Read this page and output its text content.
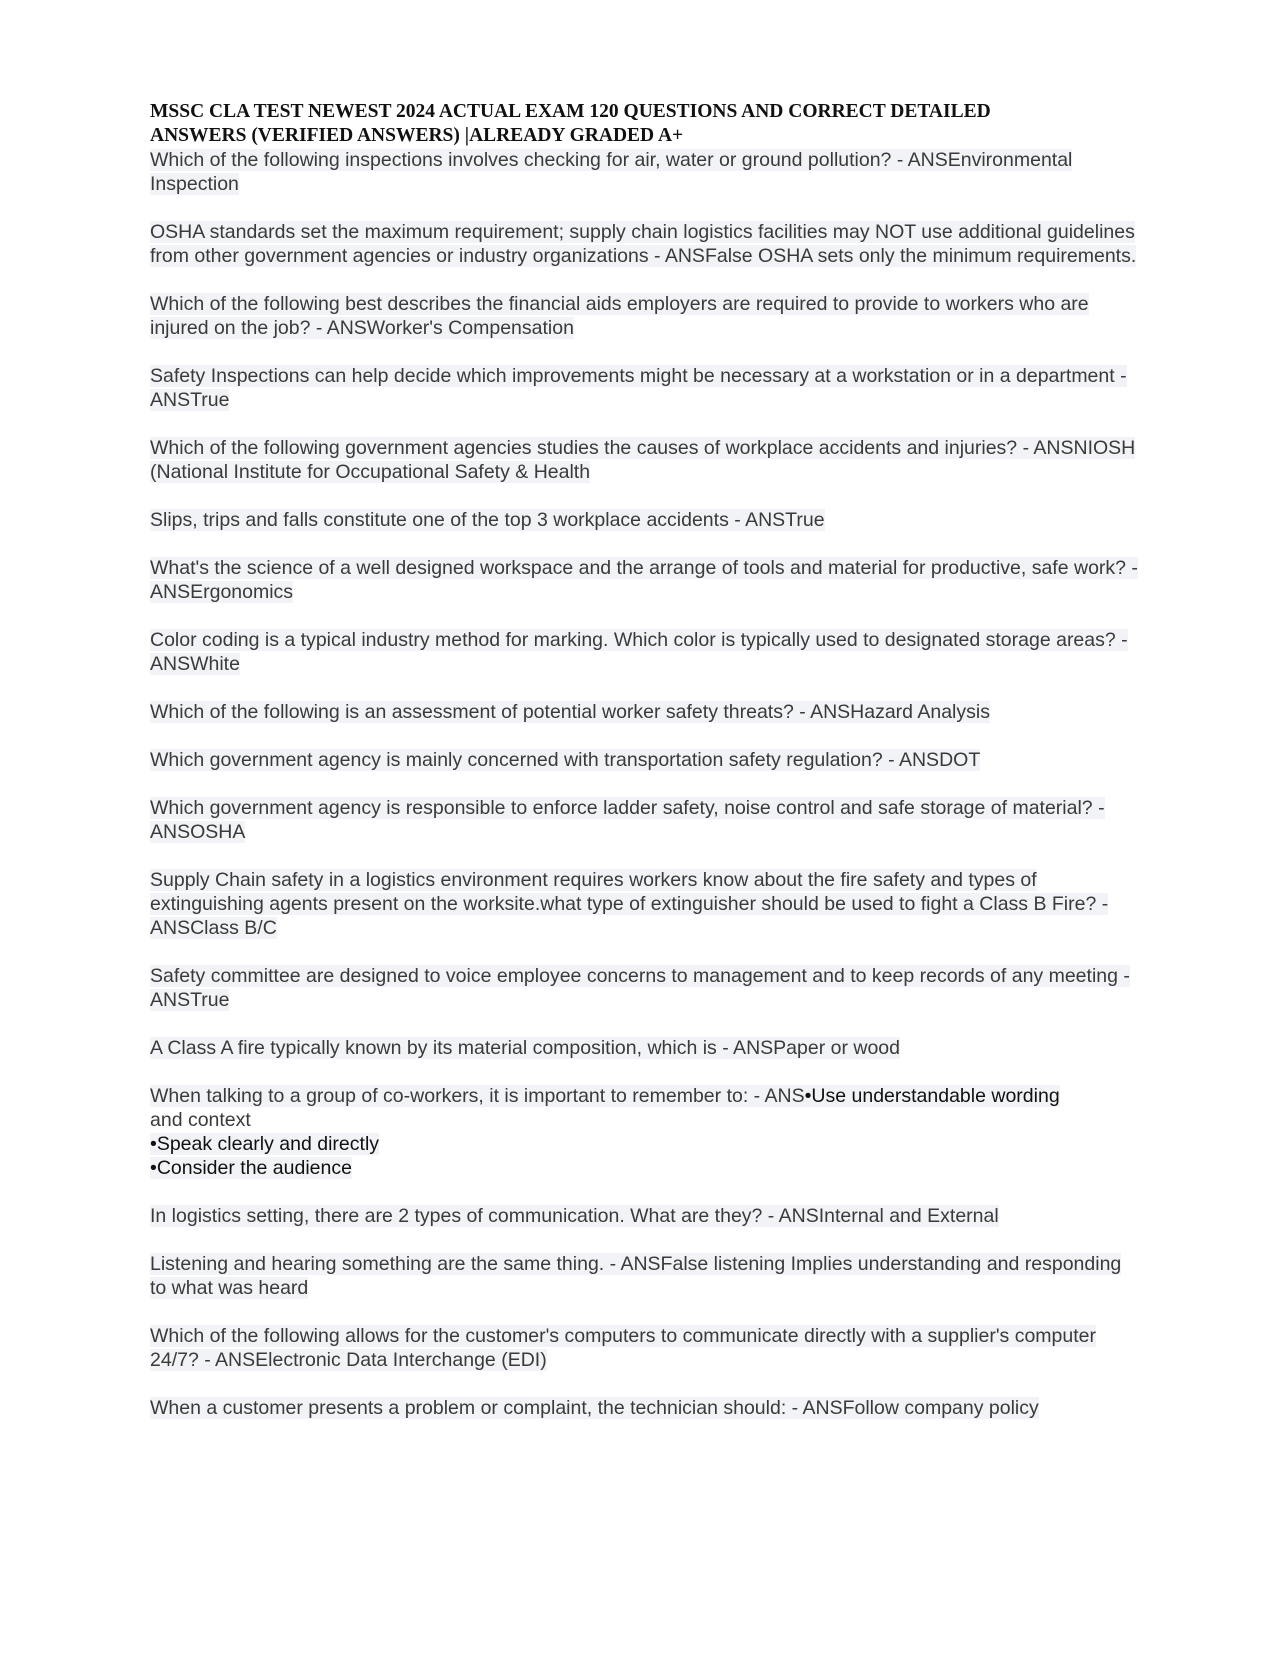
MSSC CLA TEST NEWEST 2024 ACTUAL EXAM 120 QUESTIONS AND CORRECT DETAILED
ANSWERS (VERIFIED ANSWERS) |ALREADY GRADED A+

Which of the following inspections involves checking for air, water or ground pollution? - ANSEnvironmental Inspection

OSHA standards set the maximum requirement; supply chain logistics facilities may NOT use additional guidelines from other government agencies or industry organizations - ANSFalse OSHA sets only the minimum requirements.

Which of the following best describes the financial aids employers are required to provide to workers who are injured on the job? - ANSWorker's Compensation

Safety Inspections can help decide which improvements might be necessary at a workstation or in a department - ANSTrue

Which of the following government agencies studies the causes of workplace accidents and injuries? - ANSNIOSH (National Institute for Occupational Safety & Health

Slips, trips and falls constitute one of the top 3 workplace accidents - ANSTrue

What's the science of a well designed workspace and the arrange of tools and material for productive, safe work? - ANSErgonomics

Color coding is a typical industry method for marking. Which color is typically used to designated storage areas? - ANSWhite

Which of the following is an assessment of potential worker safety threats? - ANSHazard Analysis

Which government agency is mainly concerned with transportation safety regulation? - ANSDOT

Which government agency is responsible to enforce ladder safety, noise control and safe storage of material? - ANSOSHA

Supply Chain safety in a logistics environment requires workers know about the fire safety and types of extinguishing agents present on the worksite.what type of extinguisher should be used to fight a Class B Fire? - ANSClass B/C

Safety committee are designed to voice employee concerns to management and to keep records of any meeting - ANSTrue

A Class A fire typically known by its material composition, which is - ANSPaper or wood

When talking to a group of co-workers, it is important to remember to: - ANS•Use understandable wording
and context
•Speak clearly and directly
•Consider the audience

In logistics setting, there are 2 types of communication. What are they? - ANSInternal and External

Listening and hearing something are the same thing. - ANSFalse listening Implies understanding and responding to what was heard

Which of the following allows for the customer's computers to communicate directly with a supplier's computer 24/7? - ANSElectronic Data Interchange (EDI)

When a customer presents a problem or complaint, the technician should: - ANSFollow company policy
